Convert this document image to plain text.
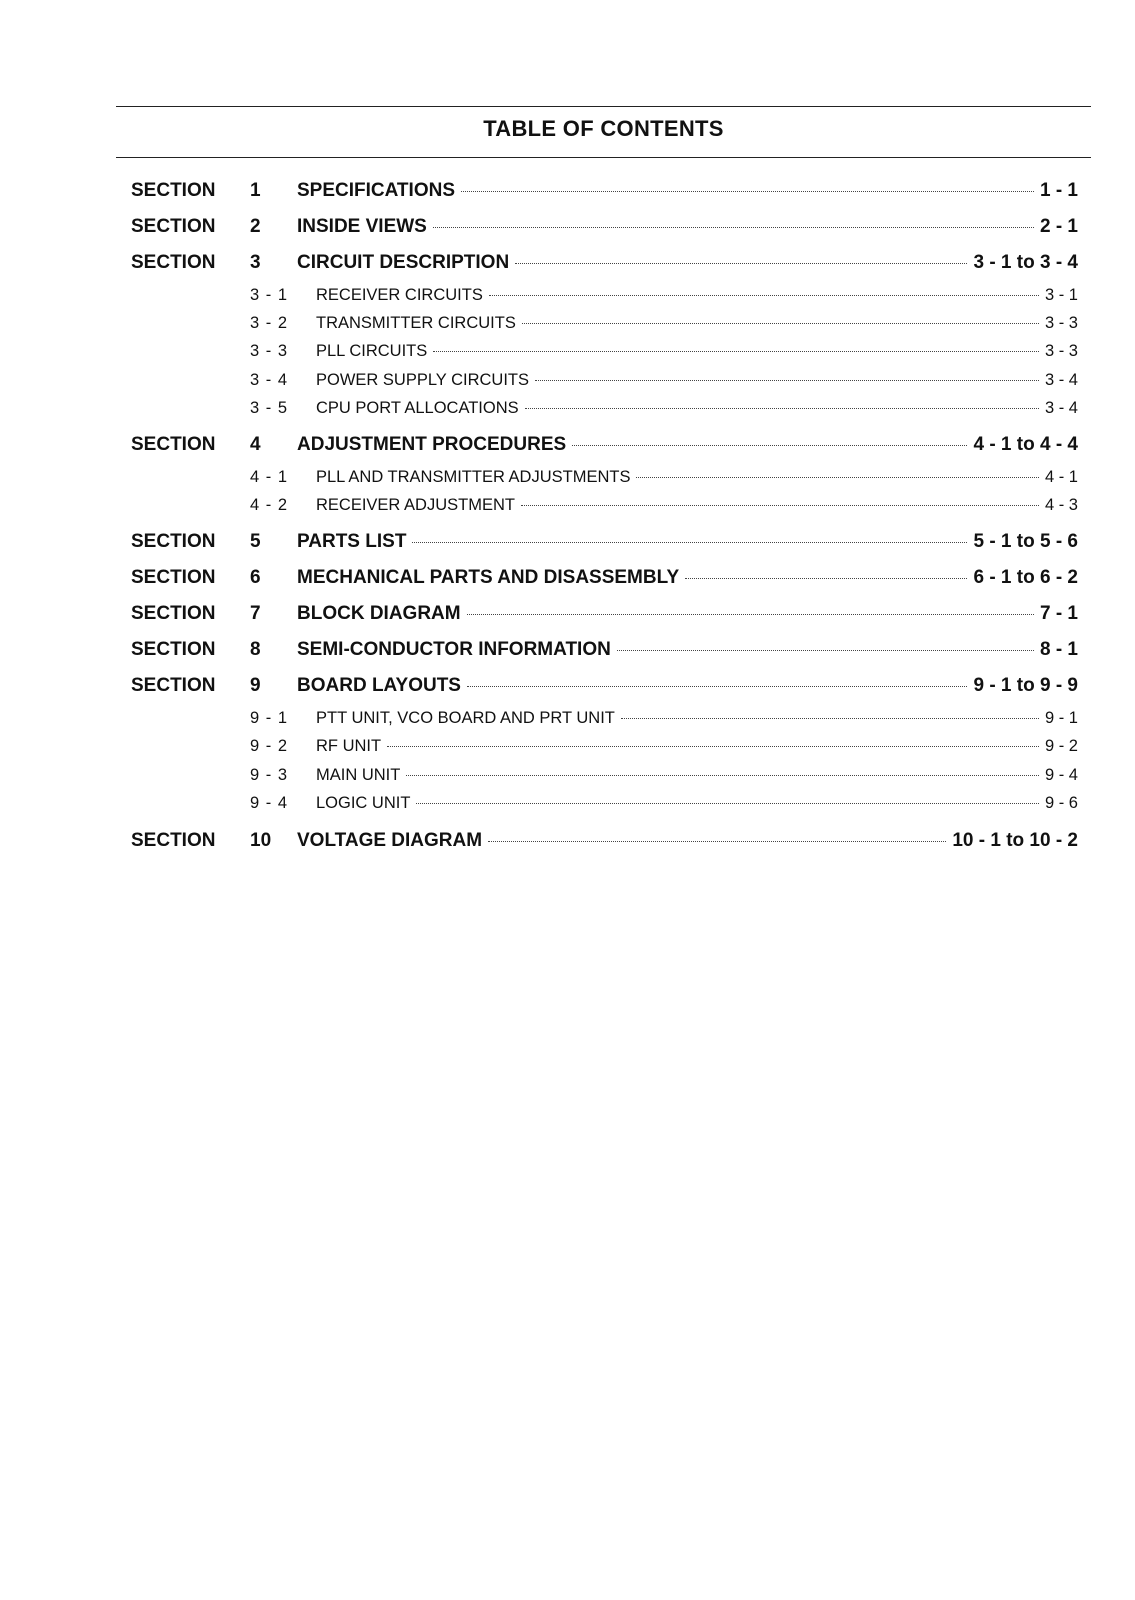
TABLE OF CONTENTS
SECTION 1 SPECIFICATIONS	1 - 1
SECTION 2 INSIDE VIEWS	2 - 1
SECTION 3 CIRCUIT DESCRIPTION	3 - 1 to 3 - 4
3 - 1 RECEIVER CIRCUITS	3 - 1
3 - 2 TRANSMITTER CIRCUITS	3 - 3
3 - 3 PLL CIRCUITS	3 - 3
3 - 4 POWER SUPPLY CIRCUITS	3 - 4
3 - 5 CPU PORT ALLOCATIONS	3 - 4
SECTION 4 ADJUSTMENT PROCEDURES	4 - 1 to 4 - 4
4 - 1 PLL AND TRANSMITTER ADJUSTMENTS	4 - 1
4 - 2 RECEIVER ADJUSTMENT	4 - 3
SECTION 5 PARTS LIST	5 - 1 to 5 - 6
SECTION 6 MECHANICAL PARTS AND DISASSEMBLY	6 - 1 to 6 - 2
SECTION 7 BLOCK DIAGRAM	7 - 1
SECTION 8 SEMI-CONDUCTOR INFORMATION	8 - 1
SECTION 9 BOARD LAYOUTS	9 - 1 to 9 - 9
9 - 1 PTT UNIT, VCO BOARD AND PRT UNIT	9 - 1
9 - 2 RF UNIT	9 - 2
9 - 3 MAIN UNIT	9 - 4
9 - 4 LOGIC UNIT	9 - 6
SECTION 10 VOLTAGE DIAGRAM	10 - 1 to 10 - 2
